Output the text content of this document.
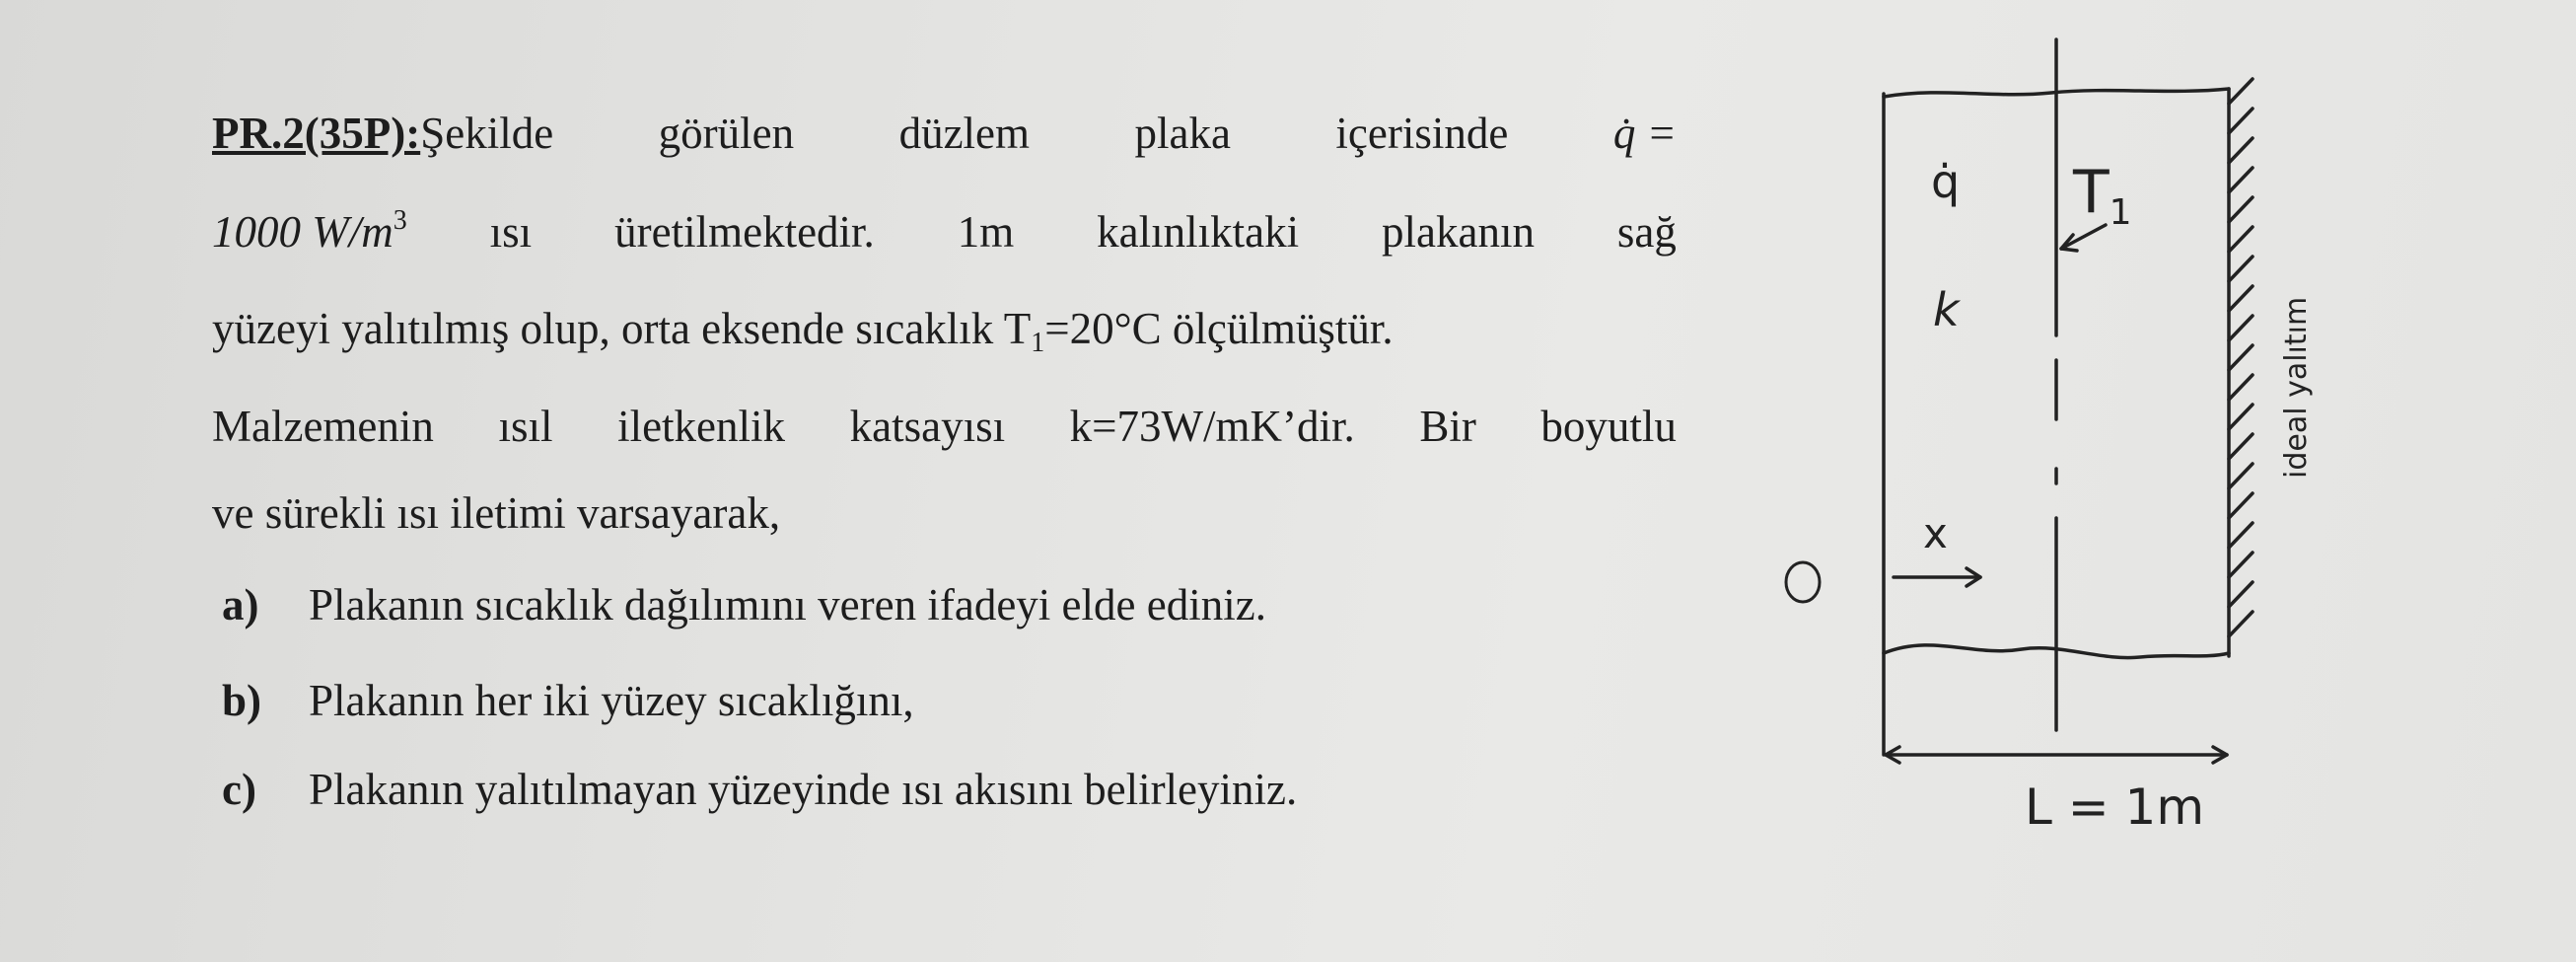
PR.2(35P):Şekilde görülen düzlem plaka içerisinde q̇ =
1000 $W/m^3$ ısı üretilmektedir. 1m kalınlıktaki plakanın sağ
yüzeyi yalıtılmış olup, orta eksende sıcaklık $T_1=20^\circ C$ ölçülmüştür.
Malzemenin ısıl iletkenlik katsayısı k=73W/mK’dir. Bir boyutlu
ve sürekli ısı iletimi varsayarak,
a) Plakanın sıcaklık dağılımını veren ifadeyi elde ediniz.
b) Plakanın her iki yüzey sıcaklığını,
c) Plakanın yalıtılmayan yüzeyinde ısı akısını belirleyiniz.
q̇
k
$T_1$
x
L = 1m
ideal yalıtım
